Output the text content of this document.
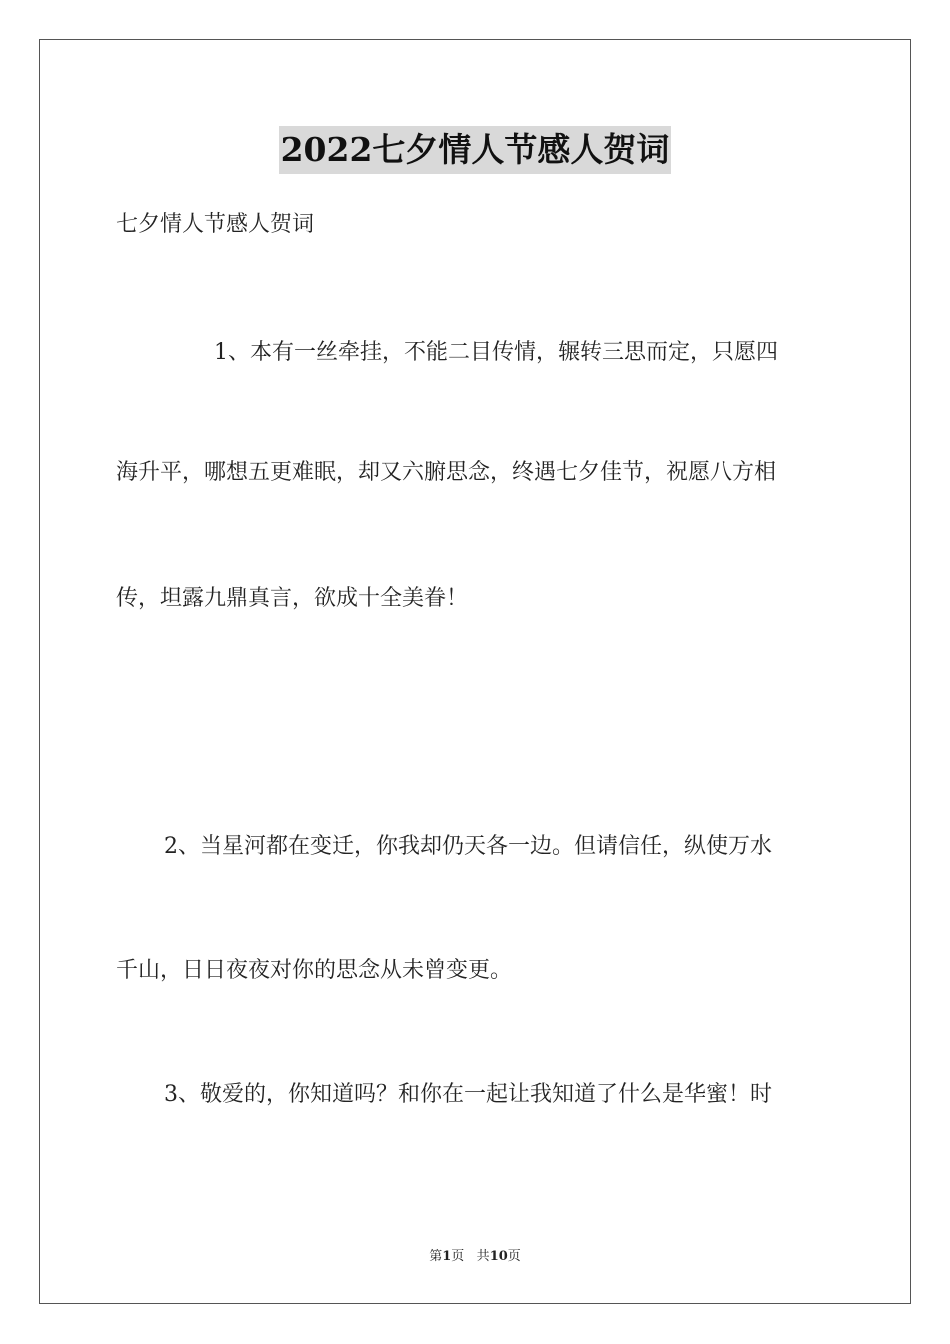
2022七夕情人节感人贺词
七夕情人节感人贺词
1、本有一丝牵挂，不能二目传情，辗转三思而定，只愿四
海升平，哪想五更难眠，却又六腑思念，终遇七夕佳节，祝愿八方相
传，坦露九鼎真言，欲成十全美眷！
2、当星河都在变迁，你我却仍天各一边。但请信任，纵使万水
千山，日日夜夜对你的思念从未曾变更。
3、敬爱的，你知道吗？和你在一起让我知道了什么是华蜜！时
第1页 共10页
